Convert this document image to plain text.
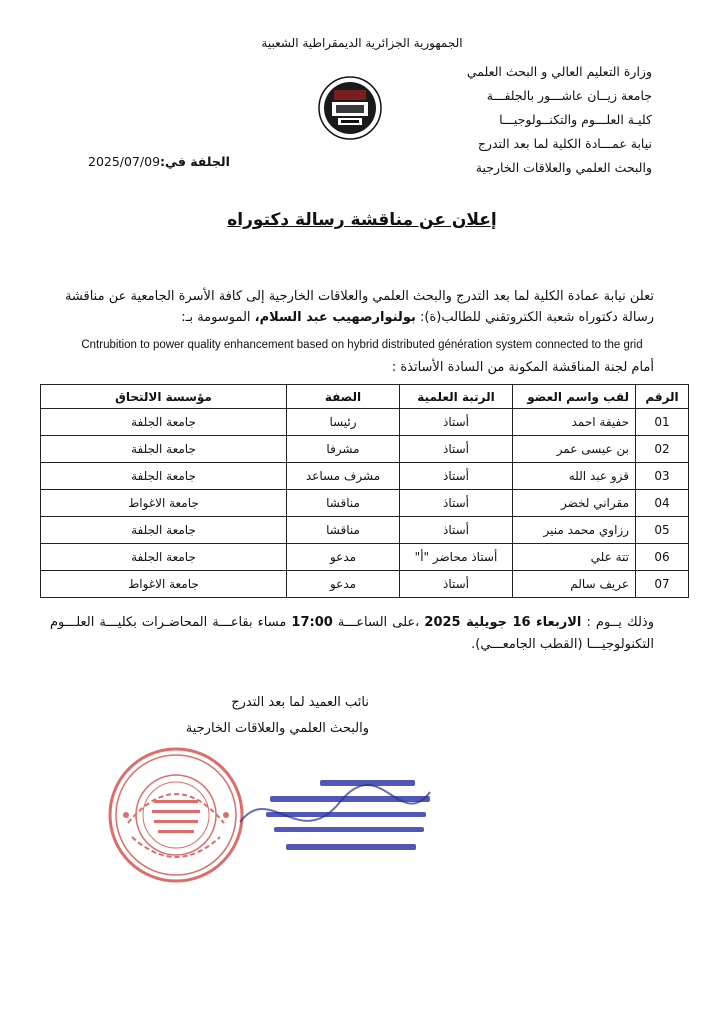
الجمهورية الجزائرية الديمقراطية الشعبية
وزارة التعليم العالي و البحث العلمي
جامعة زيــان عاشـــور بالجلفـــة
كليـة العلـــوم والتكنــولوجيـــا
نيابة عمـــادة الكلية لما بعد التدرج
والبحث العلمي والعلاقات الخارجية
الجلفة في:2025/07/09
إعلان عن مناقشة رسالة دكتوراه
تعلن نيابة عمادة الكلية لما بعد التدرج والبحث العلمي والعلاقات الخارجية إلى كافة الأسرة الجامعية عن مناقشة
رسالة دكتوراه شعبة الكتروتقني للطالب(ة): بولنوارصهيب عبد السلام، الموسومة بـ:
Cntrubition to power quality enhancement based on hybrid distributed génération system connected to the grid
أمام لجنة المناقشة المكونة من السادة الأساتذة :
الرقم	لقب واسم العضو	الرتبة العلمية	الصفة	مؤسسة الالتحاق
01	حفيفة احمد	أستاذ	رئيسا	جامعة الجلفة
02	بن عيسى عمر	أستاذ	مشرفا	جامعة الجلفة
03	قزو عبد الله	أستاذ	مشرف مساعد	جامعة الجلفة
04	مقراني لخضر	أستاذ	مناقشا	جامعة الاغواط
05	رزاوي محمد منير	أستاذ	مناقشا	جامعة الجلفة
06	تتة علي	أستاذ محاضر "أ"	مدعو	جامعة الجلفة
07	عريف سالم	أستاذ	مدعو	جامعة الاغواط
وذلك يــوم : الاربعاء 16 جويلية 2025 ،على الساعـــة 17:00 مساء بقاعـــة المحاضـرات بكليـــة العلـــوم
التكنولوجيـــا (القطب الجامعـــي).
نائب العميد لما بعد التدرج
والبحث العلمي والعلاقات الخارجية
